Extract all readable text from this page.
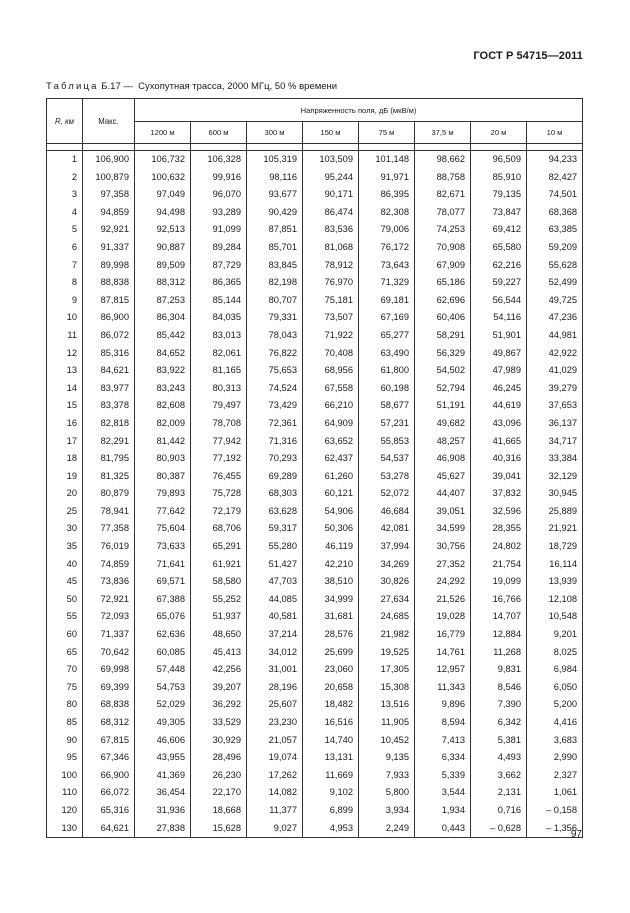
ГОСТ Р 54715—2011
Таблица Б.17 — Сухопутная трасса, 2000 МГц, 50 % времени
R, км	Макс.	Напряженность поля, дБ (мкВ/м)							
		1200 м	600 м	300 м	150 м	75 м	37,5 м	20 м	10 м

1	106,900	106,732	106,328	105,319	103,509	101,148	98,662	96,509	94,233
2	100,879	100,632	99,916	98,116	95,244	91,971	88,758	85,910	82,427
3	97,358	97,049	96,070	93,677	90,171	86,395	82,671	79,135	74,501
4	94,859	94,498	93,289	90,429	86,474	82,308	78,077	73,847	68,368
5	92,921	92,513	91,099	87,851	83,536	79,006	74,253	69,412	63,385
6	91,337	90,887	89,284	85,701	81,068	76,172	70,908	65,580	59,209
7	89,998	89,509	87,729	83,845	78,912	73,643	67,909	62,216	55,628
8	88,838	88,312	86,365	82,198	76,970	71,329	65,186	59,227	52,499
9	87,815	87,253	85,144	80,707	75,181	69,181	62,696	56,544	49,725
10	86,900	86,304	84,035	79,331	73,507	67,169	60,406	54,116	47,236
11	86,072	85,442	83,013	78,043	71,922	65,277	58,291	51,901	44,981
12	85,316	84,652	82,061	76,822	70,408	63,490	56,329	49,867	42,922
13	84,621	83,922	81,165	75,653	68,956	61,800	54,502	47,989	41,029
14	83,977	83,243	80,313	74,524	67,558	60,198	52,794	46,245	39,279
15	83,378	82,608	79,497	73,429	66,210	58,677	51,191	44,619	37,653
16	82,818	82,009	78,708	72,361	64,909	57,231	49,682	43,096	36,137
17	82,291	81,442	77,942	71,316	63,652	55,853	48,257	41,665	34,717
18	81,795	80,903	77,192	70,293	62,437	54,537	46,908	40,316	33,384
19	81,325	80,387	76,455	69,289	61,260	53,278	45,627	39,041	32,129
20	80,879	79,893	75,728	68,303	60,121	52,072	44,407	37,832	30,945
25	78,941	77,642	72,179	63,628	54,906	46,684	39,051	32,596	25,889
30	77,358	75,604	68,706	59,317	50,306	42,081	34,599	28,355	21,921
35	76,019	73,633	65,291	55,280	46,119	37,994	30,756	24,802	18,729
40	74,859	71,641	61,921	51,427	42,210	34,269	27,352	21,754	16,114
45	73,836	69,571	58,580	47,703	38,510	30,826	24,292	19,099	13,939
50	72,921	67,388	55,252	44,085	34,999	27,634	21,526	16,766	12,108
55	72,093	65,076	51,937	40,581	31,681	24,685	19,028	14,707	10,548
60	71,337	62,636	48,650	37,214	28,576	21,982	16,779	12,884	9,201
65	70,642	60,085	45,413	34,012	25,699	19,525	14,761	11,268	8,025
70	69,998	57,448	42,256	31,001	23,060	17,305	12,957	9,831	6,984
75	69,399	54,753	39,207	28,196	20,658	15,308	11,343	8,546	6,050
80	68,838	52,029	36,292	25,607	18,482	13,516	9,896	7,390	5,200
85	68,312	49,305	33,529	23,230	16,516	11,905	8,594	6,342	4,416
90	67,815	46,606	30,929	21,057	14,740	10,452	7,413	5,381	3,683
95	67,346	43,955	28,496	19,074	13,131	9,135	6,334	4,493	2,990
100	66,900	41,369	26,230	17,262	11,669	7,933	5,339	3,662	2,327
110	66,072	36,454	22,170	14,082	9,102	5,800	3,544	2,131	1,061
120	65,316	31,936	18,668	11,377	6,899	3,934	1,934	0,716	– 0,158
130	64,621	27,838	15,628	9,027	4,953	2,249	0,443	– 0,628	– 1,356
97
